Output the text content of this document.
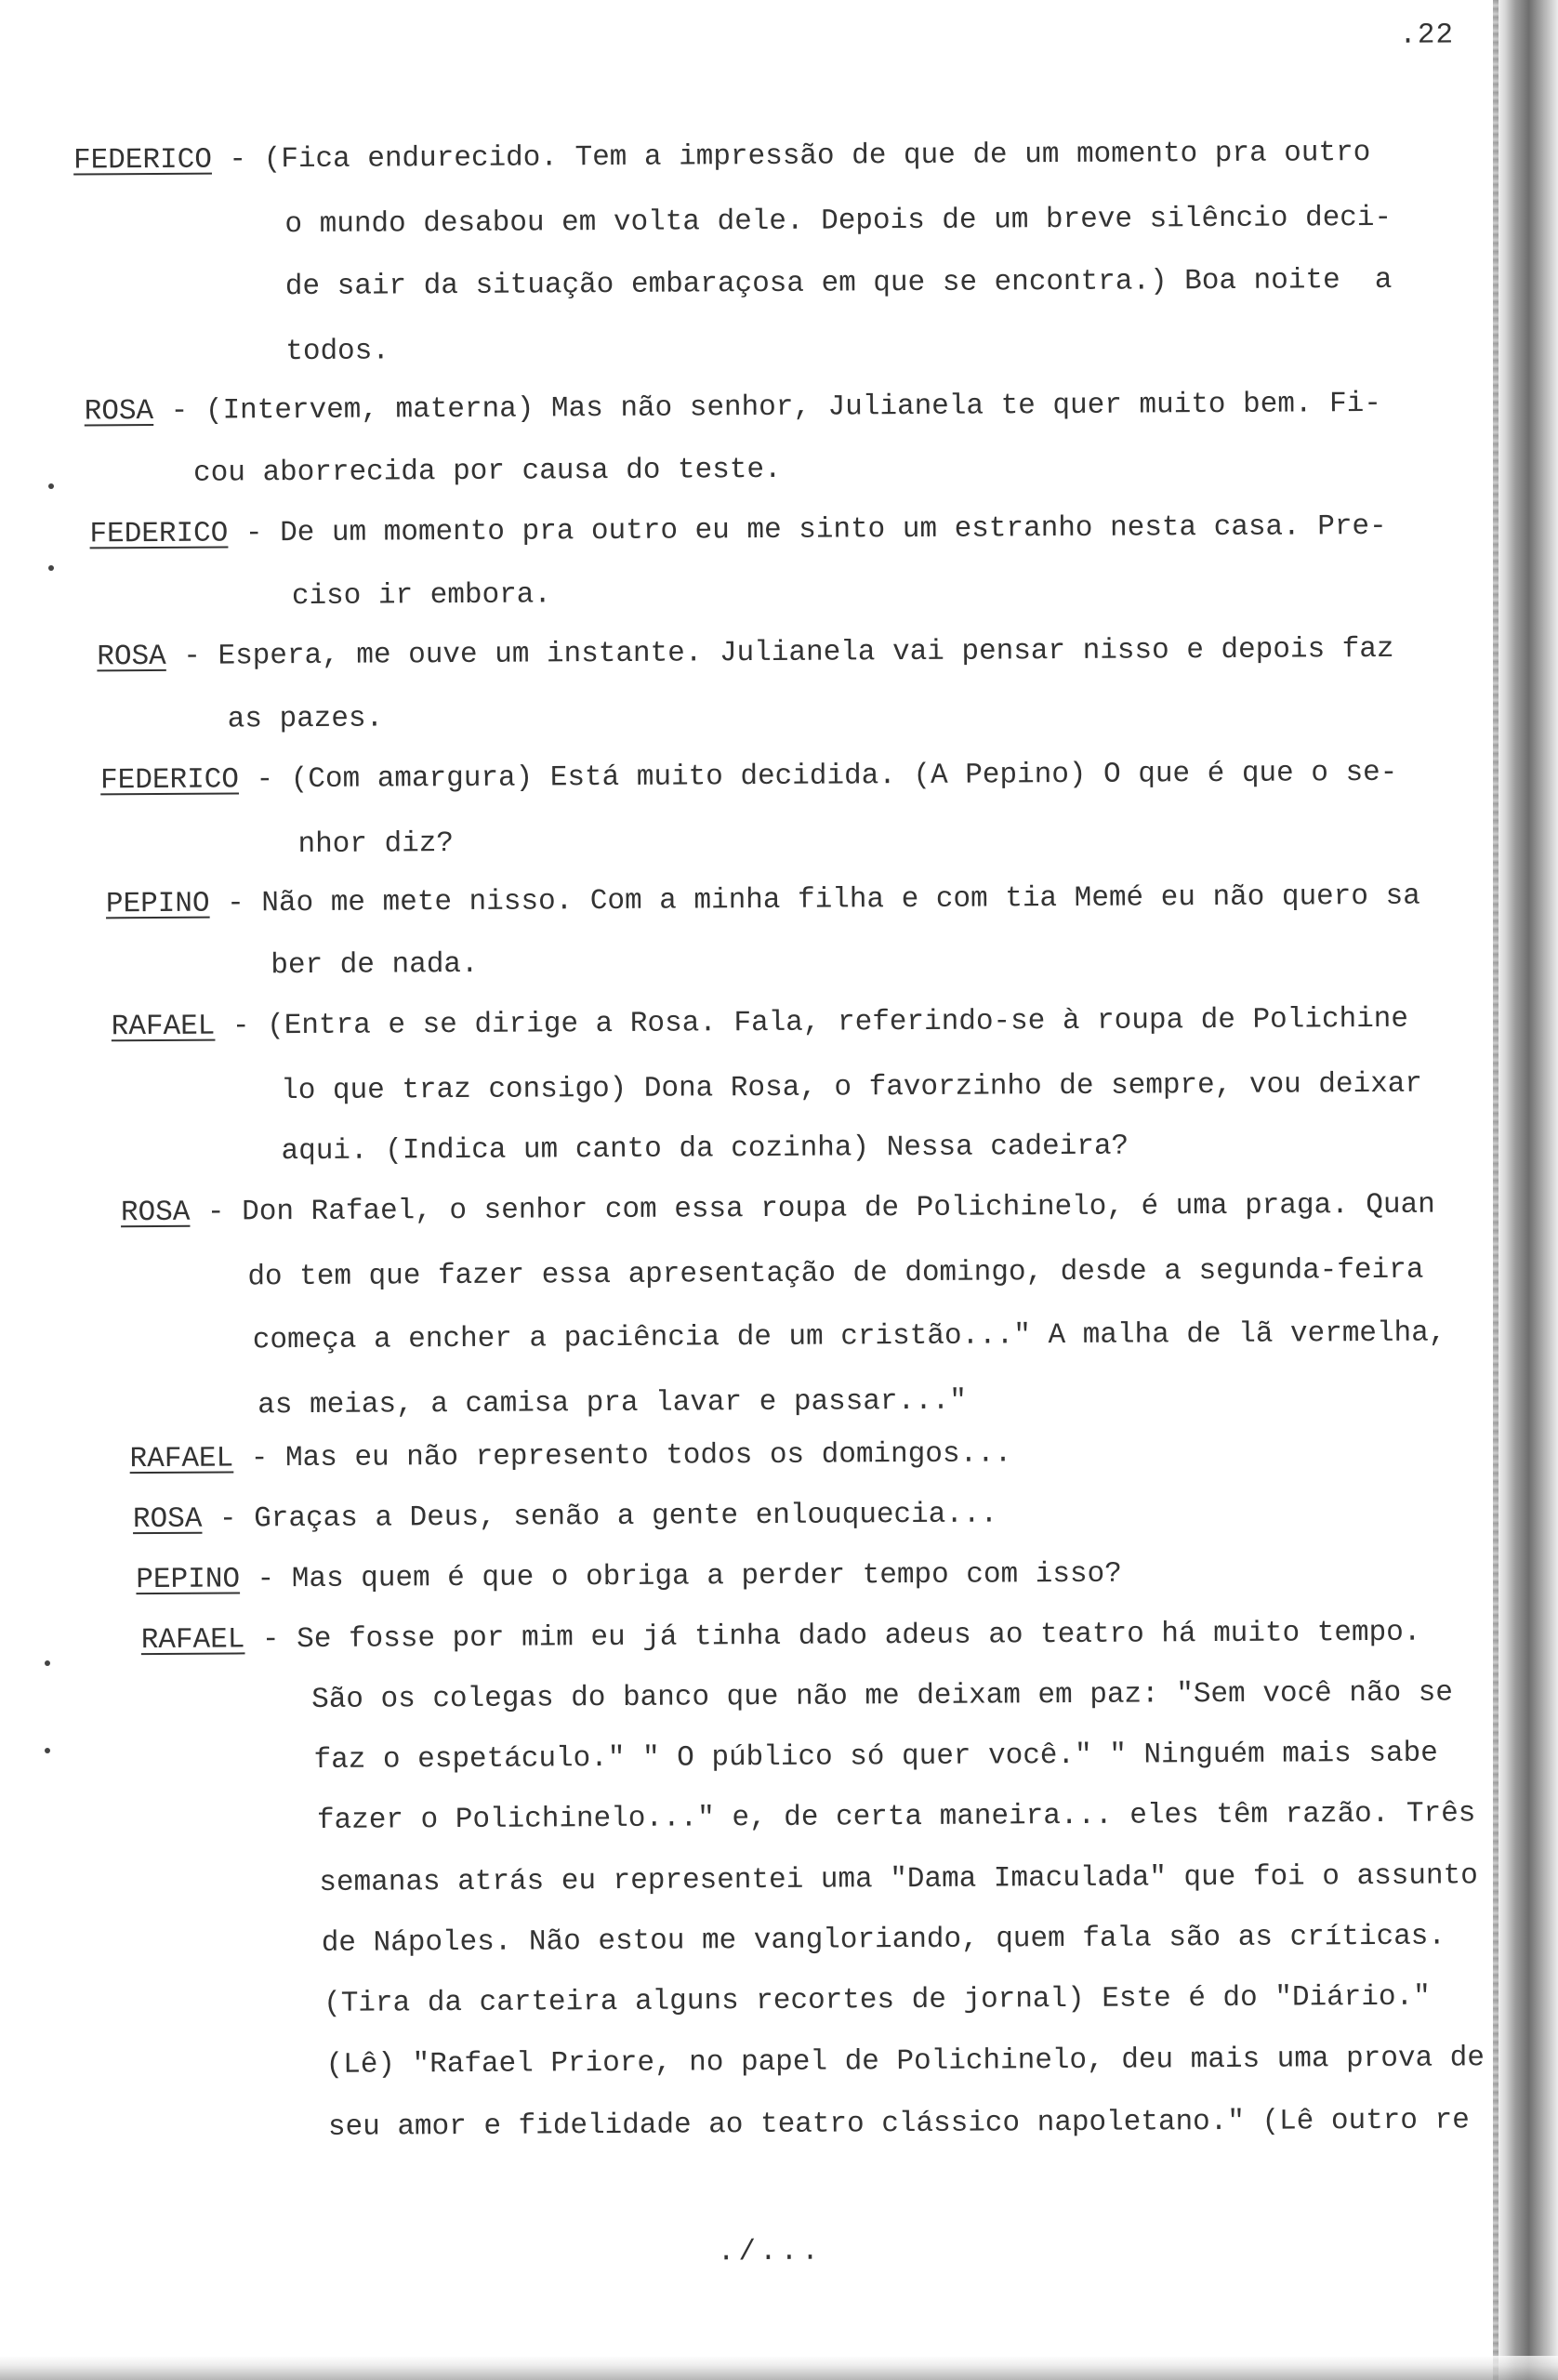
.22
FEDERICO - (Fica endurecido. Tem a impressão de que de um momento pra outro
o mundo desabou em volta dele. Depois de um breve silêncio deci-
de sair da situação embaraçosa em que se encontra.) Boa noite  a
todos.
ROSA - (Intervem, materna) Mas não senhor, Julianela te quer muito bem. Fi-
cou aborrecida por causa do teste.
FEDERICO - De um momento pra outro eu me sinto um estranho nesta casa. Pre-
ciso ir embora.
ROSA - Espera, me ouve um instante. Julianela vai pensar nisso e depois faz
as pazes.
FEDERICO - (Com amargura) Está muito decidida. (A Pepino) O que é que o se-
nhor diz?
PEPINO - Não me mete nisso. Com a minha filha e com tia Memé eu não quero sa
ber de nada.
RAFAEL - (Entra e se dirige a Rosa. Fala, referindo-se à roupa de Polichine
lo que traz consigo) Dona Rosa, o favorzinho de sempre, vou deixar
aqui. (Indica um canto da cozinha) Nessa cadeira?
ROSA - Don Rafael, o senhor com essa roupa de Polichinelo, é uma praga. Quan
do tem que fazer essa apresentação de domingo, desde a segunda-feira
começa a encher a paciência de um cristão..." A malha de lã vermelha,
as meias, a camisa pra lavar e passar..."
RAFAEL - Mas eu não represento todos os domingos...
ROSA - Graças a Deus, senão a gente enlouquecia...
PEPINO - Mas quem é que o obriga a perder tempo com isso?
RAFAEL - Se fosse por mim eu já tinha dado adeus ao teatro há muito tempo.
São os colegas do banco que não me deixam em paz: "Sem você não se
faz o espetáculo." " O público só quer você." " Ninguém mais sabe
fazer o Polichinelo..." e, de certa maneira... eles têm razão. Três
semanas atrás eu representei uma "Dama Imaculada" que foi o assunto
de Nápoles. Não estou me vangloriando, quem fala são as críticas.
(Tira da carteira alguns recortes de jornal) Este é do "Diário."
(Lê) "Rafael Priore, no papel de Polichinelo, deu mais uma prova de
seu amor e fidelidade ao teatro clássico napoletano." (Lê outro re
./...
